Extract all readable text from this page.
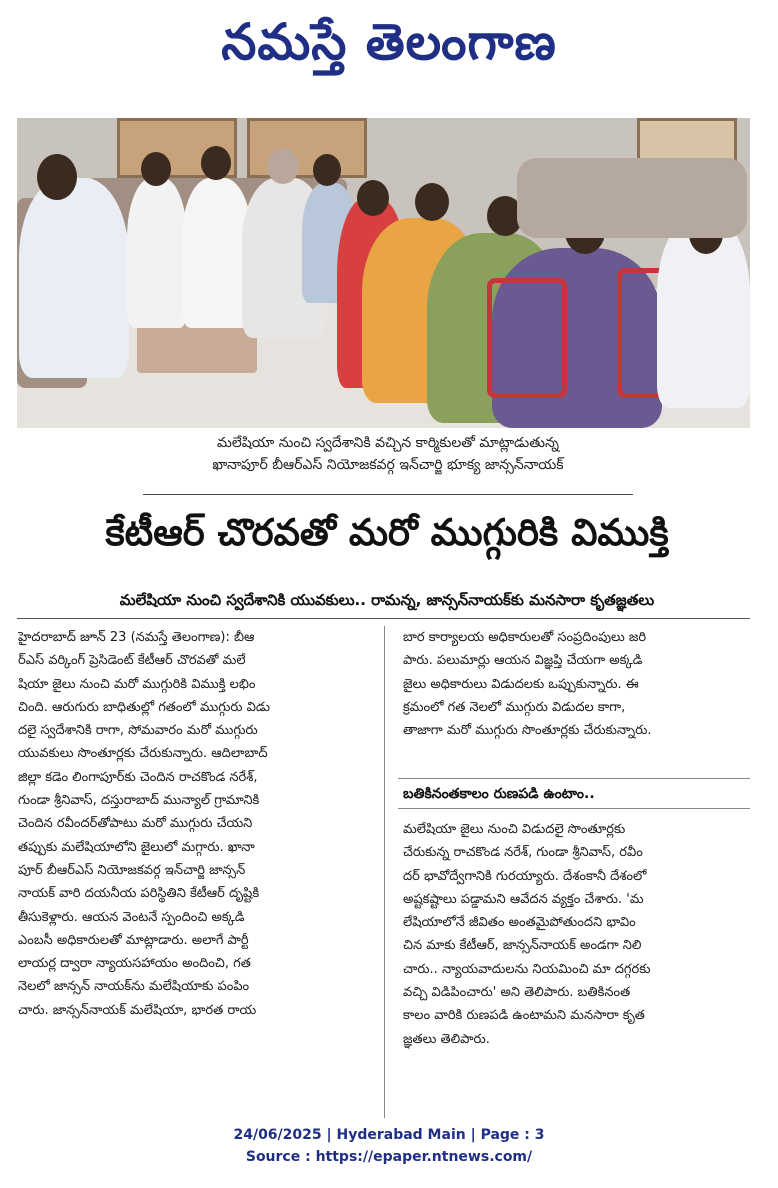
నమస్తే తెలంగాణ
మలేషియా నుంచి స్వదేశానికి వచ్చిన కార్మికులతో మాట్లాడుతున్న
ఖానాపూర్ బీఆర్ఎస్ నియోజకవర్గ ఇన్‌చార్జి భూక్య జాన్సన్‌నాయక్
కేటీఆర్ చొరవతో మరో ముగ్గురికి విముక్తి
మలేషియా నుంచి స్వదేశానికి యువకులు.. రామన్న, జాన్సన్‌నాయక్‌కు మనసారా కృతజ్ఞతలు

హైదరాబాద్ జూన్ 23 (నమస్తే తెలంగాణ): బీఆ

ర్ఎస్ వర్కింగ్ ప్రెసిడెంట్ కేటీఆర్ చొరవతో మలే

షియా జైలు నుంచి మరో ముగ్గురికి విముక్తి లభిం

చింది. ఆరుగురు బాధితుల్లో గతంలో ముగ్గురు విడు

దలై స్వదేశానికి రాగా, సోమవారం మరో ముగ్గురు

యువకులు సొంతూర్లకు చేరుకున్నారు. ఆదిలాబాద్

జిల్లా కడెం లింగాపూర్‌కు చెందిన రాచకొండ నరేశ్,

గుండా శ్రీనివాస్, దస్తురాబాద్ మున్యాల్ గ్రామానికి

చెందిన రవీందర్‌తోపాటు మరో ముగ్గురు చేయని

తప్పుకు మలేషియాలోని జైలులో మగ్గారు. ఖానా

పూర్ బీఆర్ఎస్ నియోజకవర్గ ఇన్‌చార్జి జాన్సన్

నాయక్ వారి దయనీయ పరిస్థితిని కేటీఆర్ దృష్టికి

తీసుకెళ్లారు. ఆయన వెంటనే స్పందించి అక్కడి

ఎంబసీ అధికారులతో మాట్లాడారు. అలాగే పార్టీ

లాయర్ల ద్వారా న్యాయసహాయం అందించి, గత

నెలలో జాన్సన్ నాయక్‌ను మలేషియాకు పంపిం

చారు. జాన్సన్‌నాయక్ మలేషియా, భారత రాయ

బార కార్యాలయ అధికారులతో సంప్రదింపులు జరి

పారు. పలుమార్లు ఆయన విజ్ఞప్తి చేయగా అక్కడి

జైలు అధికారులు విడుదలకు ఒప్పుకున్నారు. ఈ

క్రమంలో గత నెలలో ముగ్గురు విడుదల కాగా,

తాజాగా మరో ముగ్గురు సొంతూర్లకు చేరుకున్నారు.

బతికినంతకాలం రుణపడి ఉంటాం..

మలేషియా జైలు నుంచి విడుదలై సొంతూర్లకు

చేరుకున్న రాచకొండ నరేశ్, గుండా శ్రీనివాస్, రవీం

దర్ భావోద్వేగానికి గురయ్యారు. దేశంకానీ దేశంలో

అష్టకష్టాలు పడ్డామని ఆవేదన వ్యక్తం చేశారు. 'మ

లేషియాలోనే జీవితం అంతమైపోతుందని భావిం

చిన మాకు కేటీఆర్, జాన్సన్‌నాయక్ అండగా నిలి

చారు.. న్యాయవాదులను నియమించి మా దగ్గరకు

వచ్చి విడిపించారు' అని తెలిపారు. బతికినంత

కాలం వారికి రుణపడి ఉంటామని మనసారా కృత

జ్ఞతలు తెలిపారు.

24/06/2025 | Hyderabad Main | Page : 3
Source : https://epaper.ntnews.com/
